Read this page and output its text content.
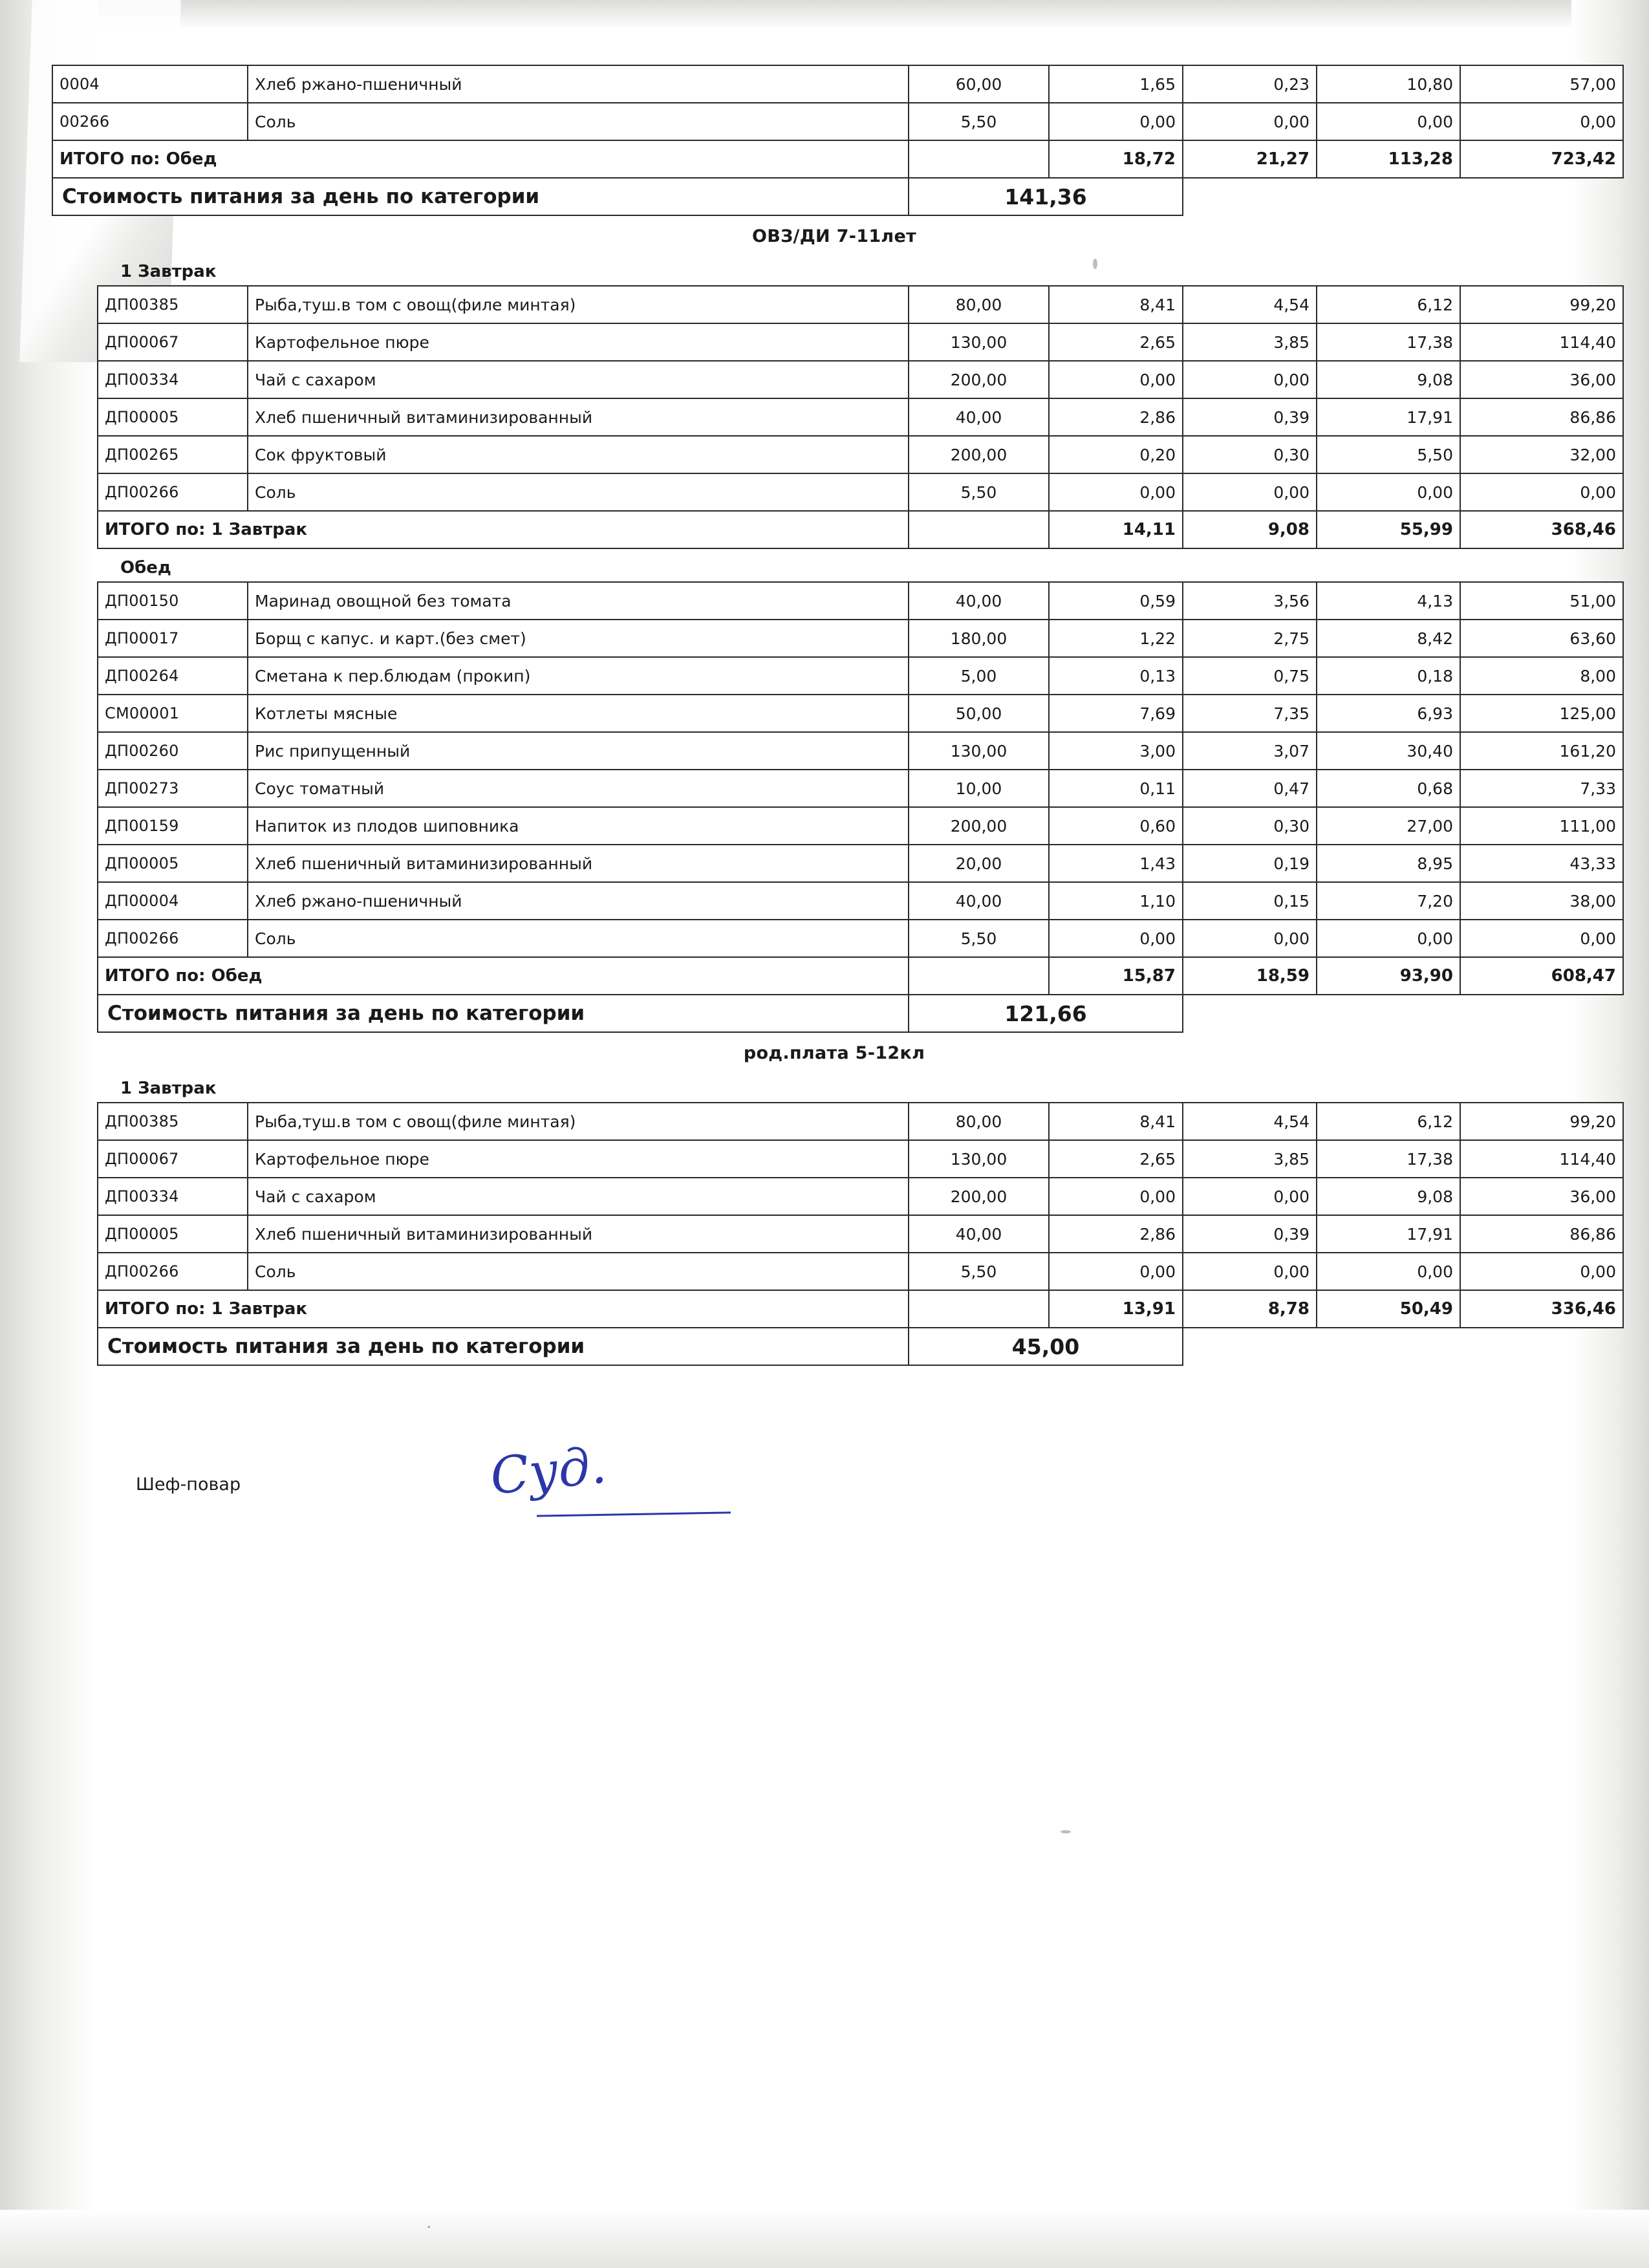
0004	Хлеб ржано-пшеничный	60,00	1,65	0,23	10,80	57,00
00266	Соль	5,50	0,00	0,00	0,00	0,00
ИТОГО по: Обед			18,72	21,27	113,28	723,42
Стоимость питания за день по категории		141,36				
ОВЗ/ДИ 7-11лет
1 Завтрак
ДП00385	Рыба,туш.в том с овощ(филе минтая)	80,00	8,41	4,54	6,12	99,20
ДП00067	Картофельное пюре	130,00	2,65	3,85	17,38	114,40
ДП00334	Чай с сахаром	200,00	0,00	0,00	9,08	36,00
ДП00005	Хлеб пшеничный витаминизированный	40,00	2,86	0,39	17,91	86,86
ДП00265	Сок фруктовый	200,00	0,20	0,30	5,50	32,00
ДП00266	Соль	5,50	0,00	0,00	0,00	0,00
ИТОГО по: 1 Завтрак			14,11	9,08	55,99	368,46
Обед
ДП00150	Маринад овощной без томата	40,00	0,59	3,56	4,13	51,00
ДП00017	Борщ с капус. и карт.(без смет)	180,00	1,22	2,75	8,42	63,60
ДП00264	Сметана к пер.блюдам (прокип)	5,00	0,13	0,75	0,18	8,00
СМ00001	Котлеты мясные	50,00	7,69	7,35	6,93	125,00
ДП00260	Рис припущенный	130,00	3,00	3,07	30,40	161,20
ДП00273	Соус томатный	10,00	0,11	0,47	0,68	7,33
ДП00159	Напиток из плодов шиповника	200,00	0,60	0,30	27,00	111,00
ДП00005	Хлеб пшеничный витаминизированный	20,00	1,43	0,19	8,95	43,33
ДП00004	Хлеб ржано-пшеничный	40,00	1,10	0,15	7,20	38,00
ДП00266	Соль	5,50	0,00	0,00	0,00	0,00
ИТОГО по: Обед			15,87	18,59	93,90	608,47
Стоимость питания за день по категории		121,66				
род.плата 5-12кл
1 Завтрак
ДП00385	Рыба,туш.в том с овощ(филе минтая)	80,00	8,41	4,54	6,12	99,20
ДП00067	Картофельное пюре	130,00	2,65	3,85	17,38	114,40
ДП00334	Чай с сахаром	200,00	0,00	0,00	9,08	36,00
ДП00005	Хлеб пшеничный витаминизированный	40,00	2,86	0,39	17,91	86,86
ДП00266	Соль	5,50	0,00	0,00	0,00	0,00
ИТОГО по: 1 Завтрак			13,91	8,78	50,49	336,46
Стоимость питания за день по категории		45,00				
Шеф-повар	Суд.
.
